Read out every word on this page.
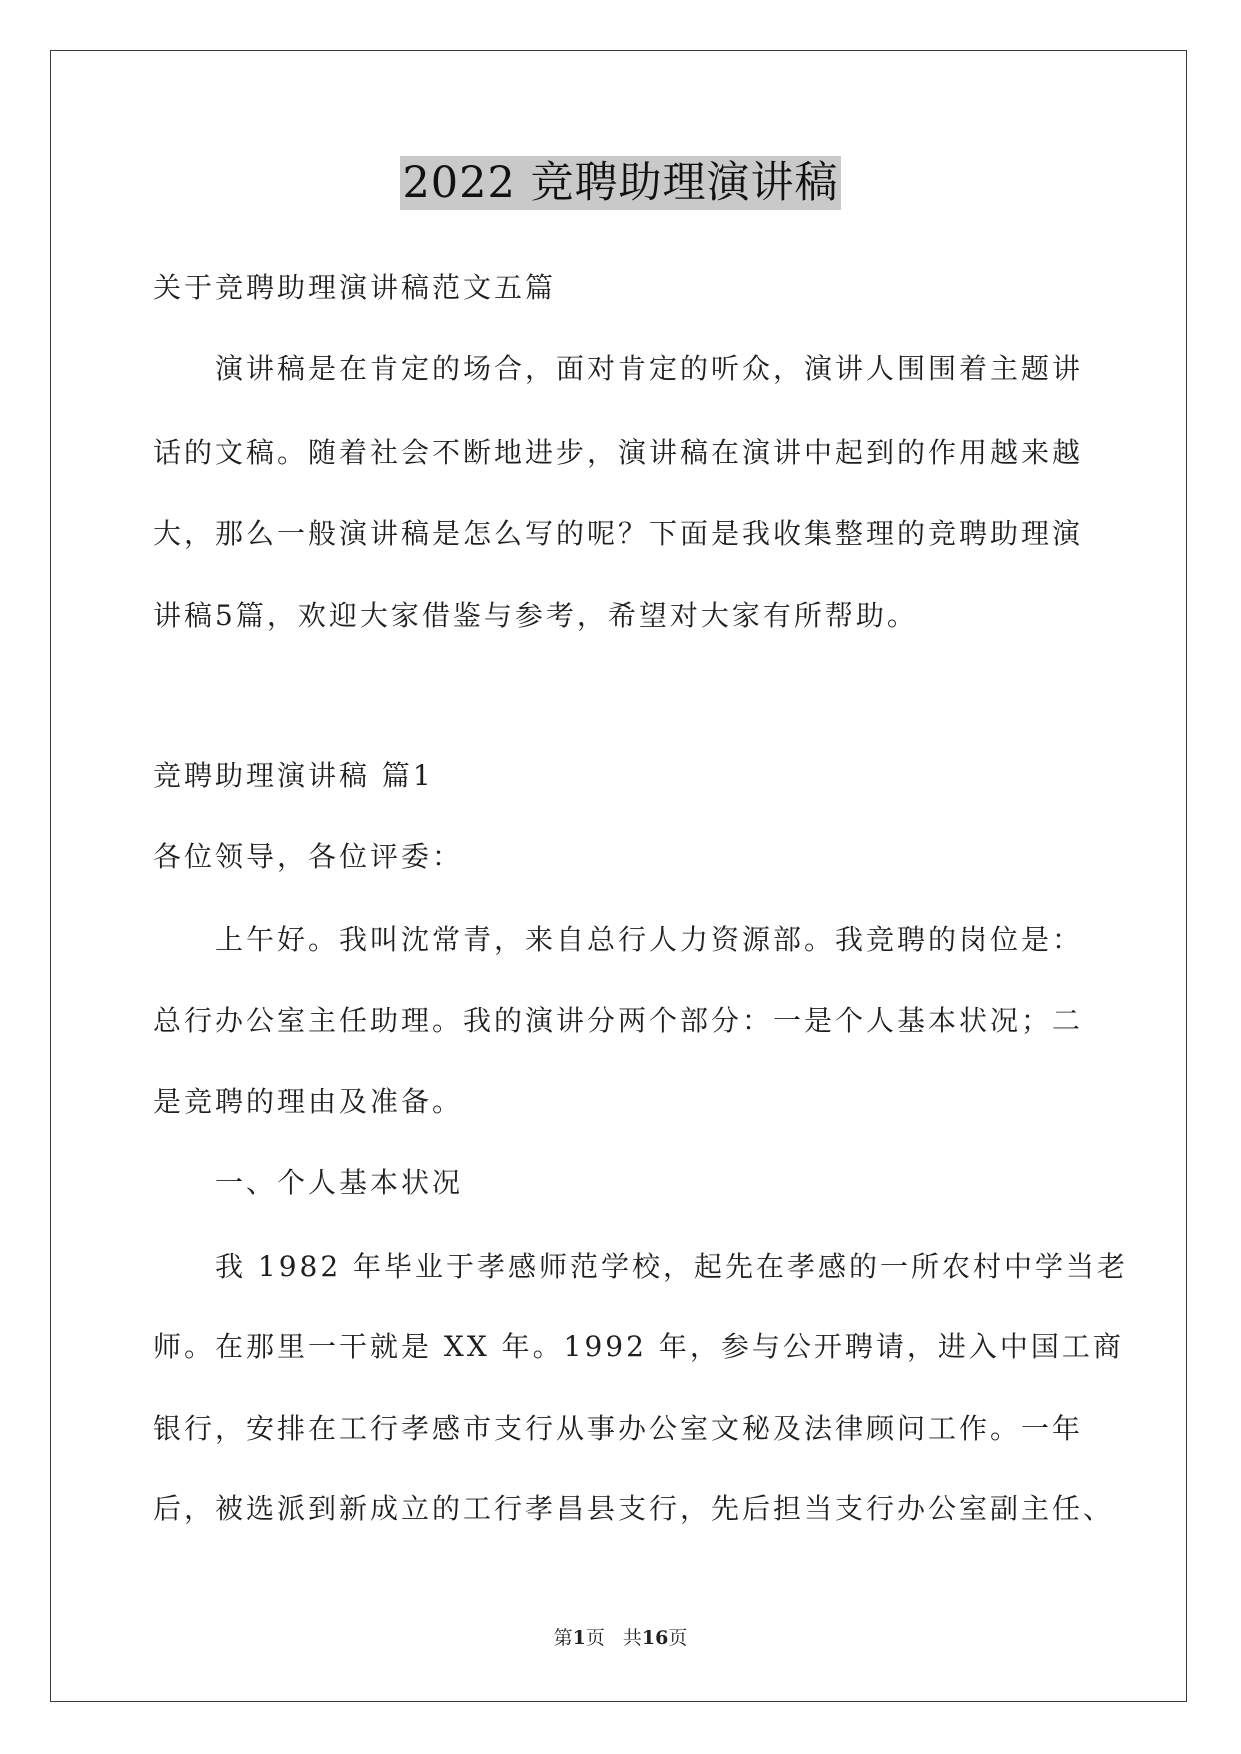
2022 竞聘助理演讲稿
关于竞聘助理演讲稿范文五篇
演讲稿是在肯定的场合，面对肯定的听众，演讲人围围着主题讲
话的文稿。随着社会不断地进步，演讲稿在演讲中起到的作用越来越
大，那么一般演讲稿是怎么写的呢？下面是我收集整理的竞聘助理演
讲稿5篇，欢迎大家借鉴与参考，希望对大家有所帮助。
竞聘助理演讲稿 篇1
各位领导，各位评委：
上午好。我叫沈常青，来自总行人力资源部。我竞聘的岗位是：
总行办公室主任助理。我的演讲分两个部分：一是个人基本状况；二
是竞聘的理由及准备。
一、个人基本状况
我 1982 年毕业于孝感师范学校，起先在孝感的一所农村中学当老
师。在那里一干就是 XX 年。1992 年，参与公开聘请，进入中国工商
银行，安排在工行孝感市支行从事办公室文秘及法律顾问工作。一年
后，被选派到新成立的工行孝昌县支行，先后担当支行办公室副主任、
第1页 共16页
